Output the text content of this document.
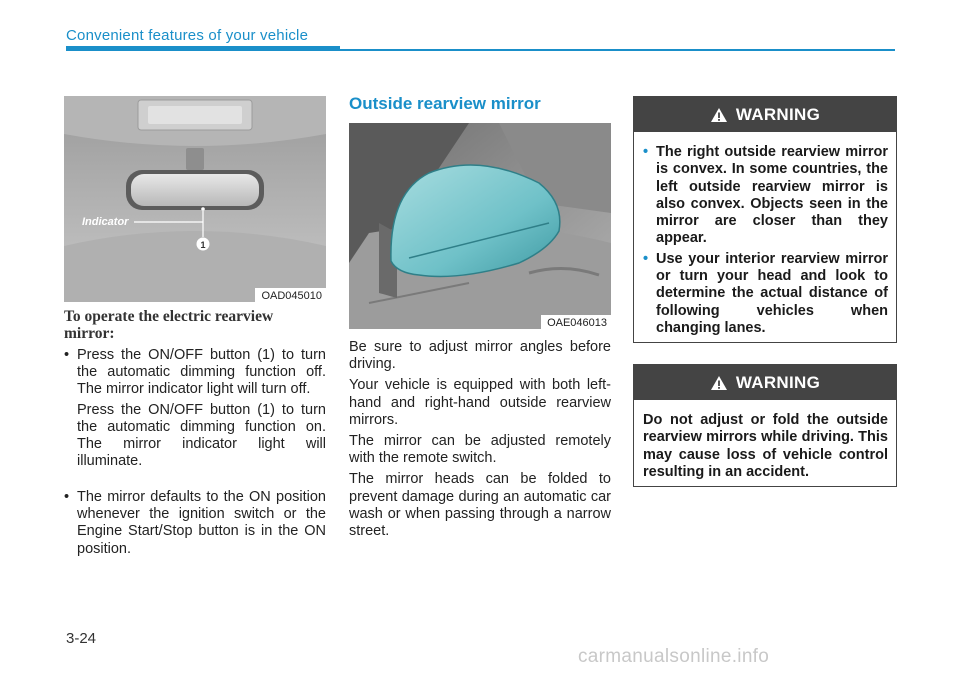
Convenient features of your vehicle
Indicator
1
OAD045010
To operate the electric rearview mirror:
• Press the ON/OFF button (1) to turn the automatic dimming function off. The mirror indicator light will turn off.
Press the ON/OFF button (1) to turn the automatic dimming function on. The mirror indicator light will illuminate.
• The mirror defaults to the ON position whenever the ignition switch or the Engine Start/Stop button is in the ON position.
Outside rearview mirror
OAE046013
Be sure to adjust mirror angles before driving.
Your vehicle is equipped with both left-hand and right-hand outside rearview mirrors.
The mirror can be adjusted remotely with the remote switch.
The mirror heads can be folded to prevent damage during an automatic car wash or when passing through a narrow street.
WARNING
• The right outside rearview mirror is convex. In some countries, the left outside rearview mirror is also convex. Objects seen in the mirror are closer than they appear.
• Use your interior rearview mirror or turn your head and look to determine the actual distance of following vehicles when changing lanes.
WARNING
Do not adjust or fold the outside rearview mirrors while driving. This may cause loss of vehicle control resulting in an accident.
3-24
carmanualsonline.info
